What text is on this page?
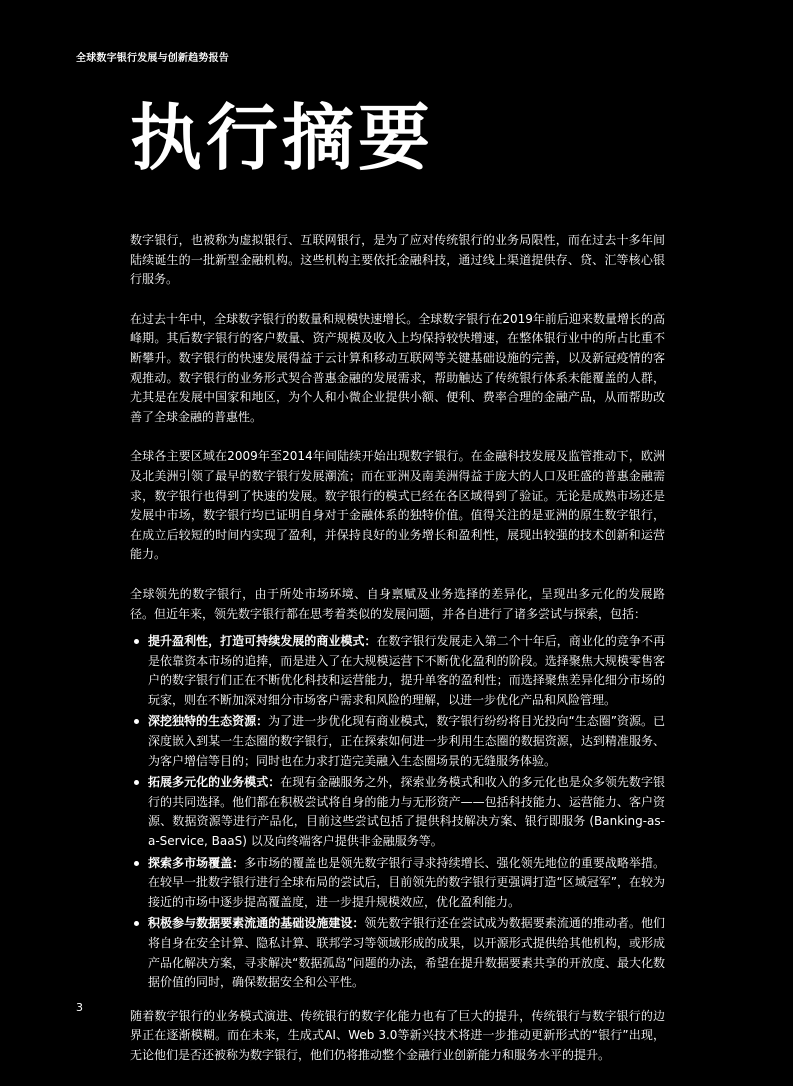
全球数字银行发展与创新趋势报告
执行摘要

数字银行，也被称为虚拟银行、互联网银行，是为了应对传统银行的业务局限性，而在过去十多年间陆续诞生的一批新型金融机构。这些机构主要依托金融科技，通过线上渠道提供存、贷、汇等核心银行服务。

在过去十年中，全球数字银行的数量和规模快速增长。全球数字银行在2019年前后迎来数量增长的高峰期。其后数字银行的客户数量、资产规模及收入上均保持较快增速，在整体银行业中的所占比重不断攀升。数字银行的快速发展得益于云计算和移动互联网等关键基础设施的完善，以及新冠疫情的客观推动。数字银行的业务形式契合普惠金融的发展需求，帮助触达了传统银行体系未能覆盖的人群，尤其是在发展中国家和地区，为个人和小微企业提供小额、便利、费率合理的金融产品，从而帮助改善了全球金融的普惠性。

全球各主要区域在2009年至2014年间陆续开始出现数字银行。在金融科技发展及监管推动下，欧洲及北美洲引领了最早的数字银行发展潮流；而在亚洲及南美洲得益于庞大的人口及旺盛的普惠金融需求，数字银行也得到了快速的发展。数字银行的模式已经在各区域得到了验证。无论是成熟市场还是发展中市场，数字银行均已证明自身对于金融体系的独特价值。值得关注的是亚洲的原生数字银行，在成立后较短的时间内实现了盈利，并保持良好的业务增长和盈利性，展现出较强的技术创新和运营能力。

全球领先的数字银行，由于所处市场环境、自身禀赋及业务选择的差异化，呈现出多元化的发展路径。但近年来，领先数字银行都在思考着类似的发展问题，并各自进行了诸多尝试与探索，包括：

提升盈利性，打造可持续发展的商业模式：在数字银行发展走入第二个十年后，商业化的竞争不再是依靠资本市场的追捧，而是进入了在大规模运营下不断优化盈利的阶段。选择聚焦大规模零售客户的数字银行们正在不断优化科技和运营能力，提升单客的盈利性；而选择聚焦差异化细分市场的玩家，则在不断加深对细分市场客户需求和风险的理解，以进一步优化产品和风险管理。
深挖独特的生态资源：为了进一步优化现有商业模式，数字银行纷纷将目光投向“生态圈”资源。已深度嵌入到某一生态圈的数字银行，正在探索如何进一步利用生态圈的数据资源，达到精准服务、为客户增信等目的；同时也在力求打造完美融入生态圈场景的无缝服务体验。
拓展多元化的业务模式：在现有金融服务之外，探索业务模式和收入的多元化也是众多领先数字银行的共同选择。他们都在积极尝试将自身的能力与无形资产——包括科技能力、运营能力、客户资源、数据资源等进行产品化，目前这些尝试包括了提供科技解决方案、银行即服务 (Banking-as-a-Service, BaaS) 以及向终端客户提供非金融服务等。
探索多市场覆盖：多市场的覆盖也是领先数字银行寻求持续增长、强化领先地位的重要战略举措。在较早一批数字银行进行全球布局的尝试后，目前领先的数字银行更强调打造“区域冠军”，在较为接近的市场中逐步提高覆盖度，进一步提升规模效应，优化盈利能力。
积极参与数据要素流通的基础设施建设：领先数字银行还在尝试成为数据要素流通的推动者。他们将自身在安全计算、隐私计算、联邦学习等领域形成的成果，以开源形式提供给其他机构，或形成产品化解决方案，寻求解决“数据孤岛”问题的办法，希望在提升数据要素共享的开放度、最大化数据价值的同时，确保数据安全和公平性。

随着数字银行的业务模式演进、传统银行的数字化能力也有了巨大的提升，传统银行与数字银行的边界正在逐渐模糊。而在未来，生成式AI、Web 3.0等新兴技术将进一步推动更新形式的“银行”出现，无论他们是否还被称为数字银行，他们仍将推动整个金融行业创新能力和服务水平的提升。

3
